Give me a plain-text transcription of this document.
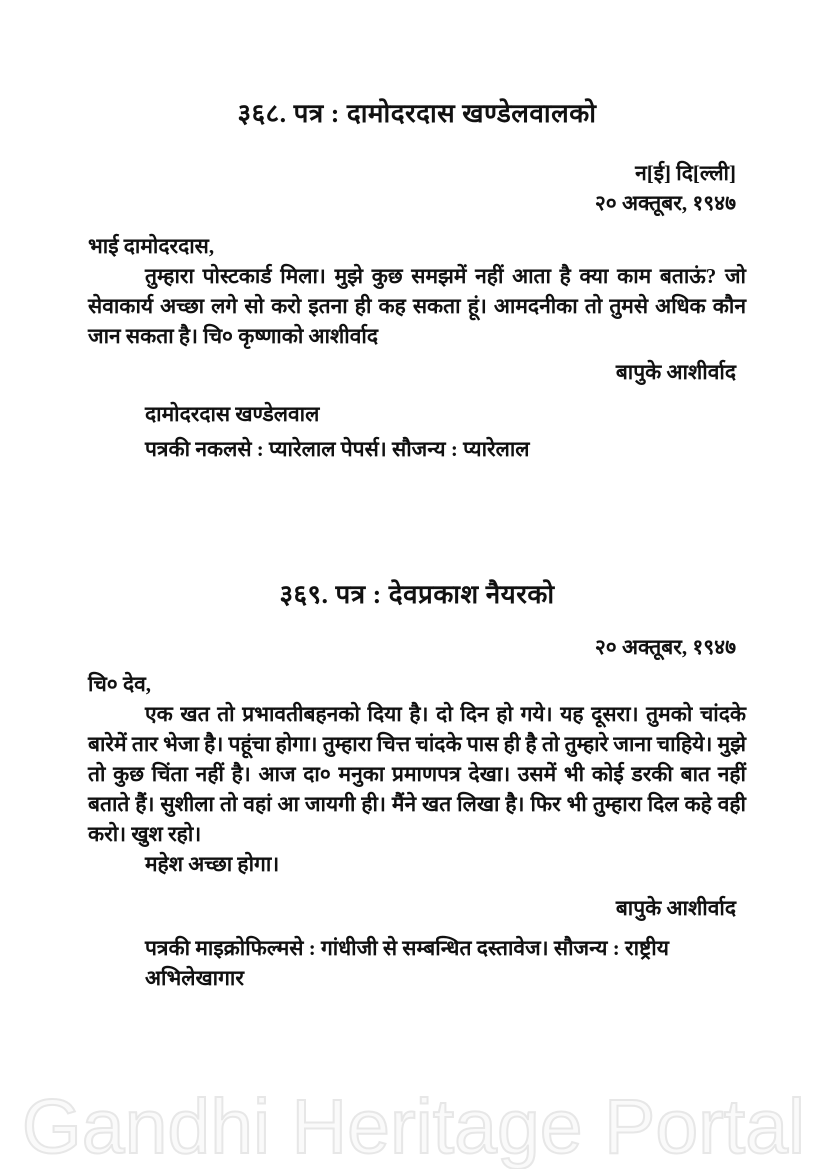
३६८. पत्र : दामोदरदास खण्डेलवालको
न[ई] दि[ल्ली]
२० अक्तूबर, १९४७
भाई दामोदरदास,
तुम्हारा पोस्टकार्ड मिला। मुझे कुछ समझमें नहीं आता है क्या काम बताऊं? जो सेवाकार्य अच्छा लगे सो करो इतना ही कह सकता हूं। आमदनीका तो तुमसे अधिक कौन जान सकता है। चि० कृष्णाको आशीर्वाद
बापुके आशीर्वाद
दामोदरदास खण्डेलवाल
पत्रकी नकलसे : प्यारेलाल पेपर्स। सौजन्य : प्यारेलाल
३६९. पत्र : देवप्रकाश नैयरको
२० अक्तूबर, १९४७
चि० देव,
एक खत तो प्रभावतीबहनको दिया है। दो दिन हो गये। यह दूसरा। तुमको चांदके बारेमें तार भेजा है। पहूंचा होगा। तुम्हारा चित्त चांदके पास ही है तो तुम्हारे जाना चाहिये। मुझे तो कुछ चिंता नहीं है। आज दा० मनुका प्रमाणपत्र देखा। उसमें भी कोई डरकी बात नहीं बताते हैं। सुशीला तो वहां आ जायगी ही। मैंने खत लिखा है। फिर भी तुम्हारा दिल कहे वही करो। खुश रहो।
महेश अच्छा होगा।
बापुके आशीर्वाद
पत्रकी माइक्रोफिल्मसे : गांधीजी से सम्बन्धित दस्तावेज। सौजन्य : राष्ट्रीय अभिलेखागार
Gandhi Heritage Portal
